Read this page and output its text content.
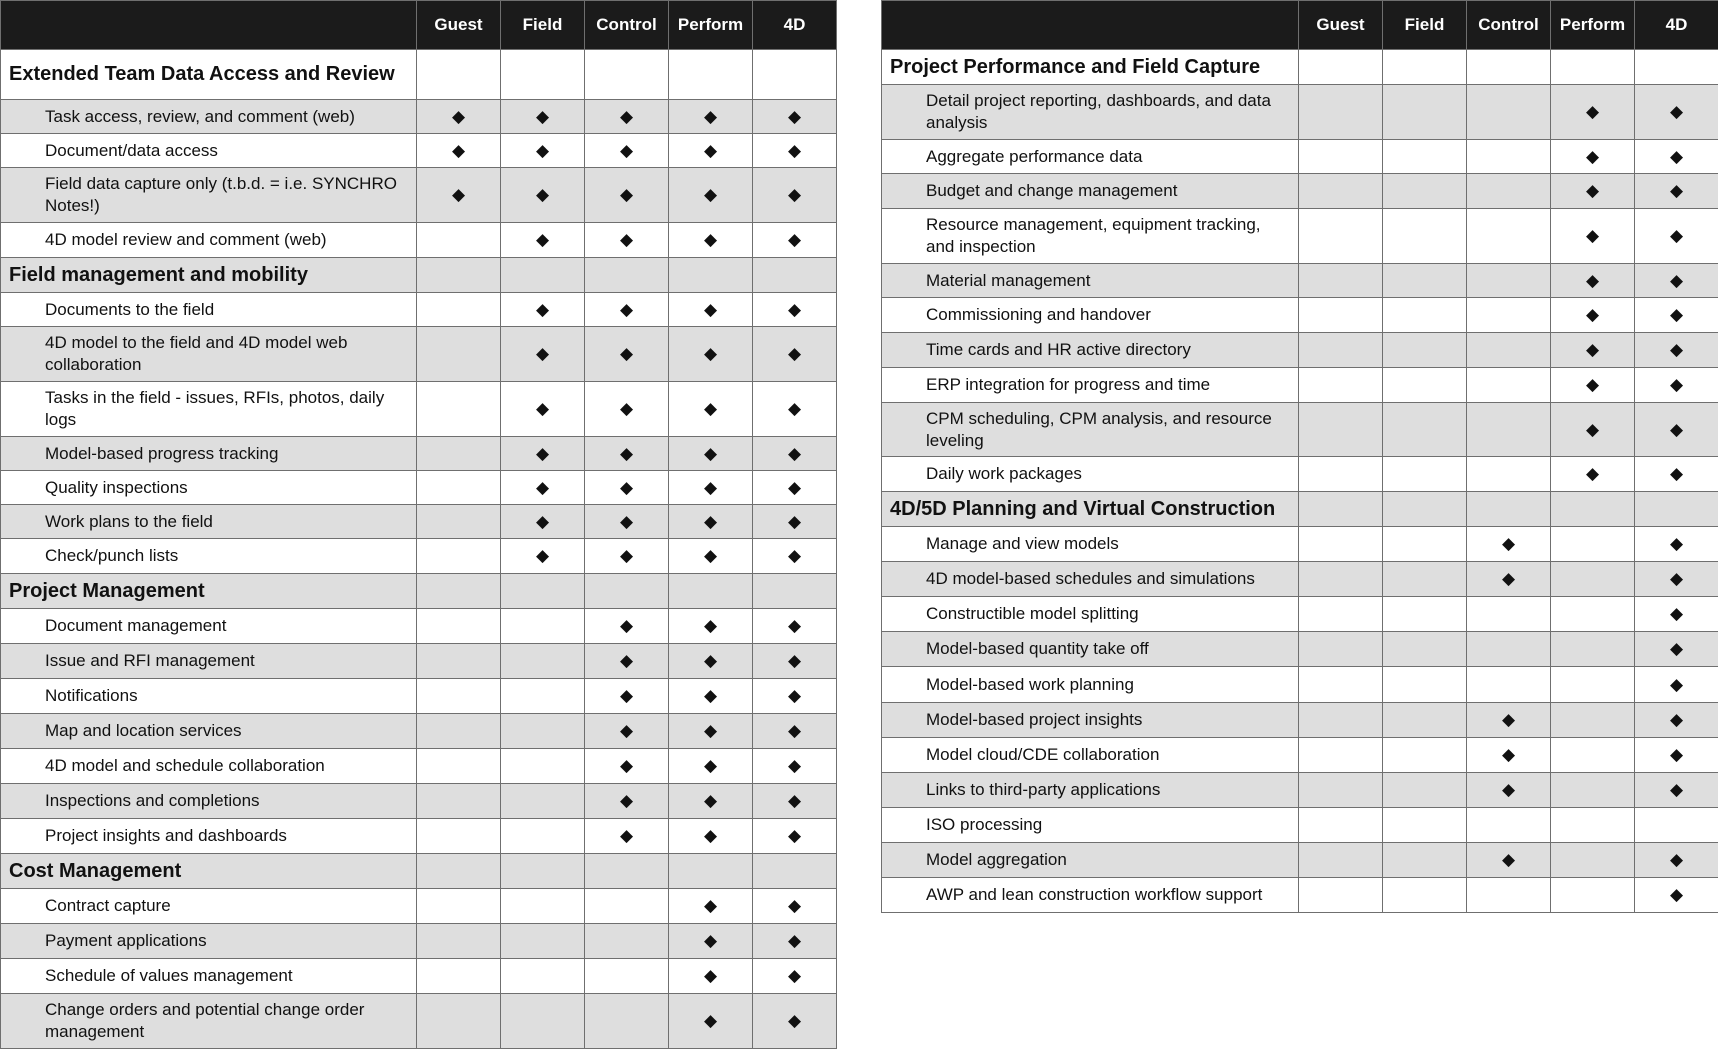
	Guest	Field	Control	Perform	4D
Extended Team Data Access and Review					
Task access, review, and comment (web)	◆	◆	◆	◆	◆
Document/data access	◆	◆	◆	◆	◆
Field data capture only (t.b.d. = i.e. SYNCHRO Notes!)	◆	◆	◆	◆	◆
4D model review and comment (web)		◆	◆	◆	◆
Field management and mobility					
Documents to the field		◆	◆	◆	◆
4D model to the field and 4D model web collaboration		◆	◆	◆	◆
Tasks in the field - issues, RFIs, photos, daily logs		◆	◆	◆	◆
Model-based progress tracking		◆	◆	◆	◆
Quality inspections		◆	◆	◆	◆
Work plans to the field		◆	◆	◆	◆
Check/punch lists		◆	◆	◆	◆
Project Management					
Document management			◆	◆	◆
Issue and RFI management			◆	◆	◆
Notifications			◆	◆	◆
Map and location services			◆	◆	◆
4D model and schedule collaboration			◆	◆	◆
Inspections and completions			◆	◆	◆
Project insights and dashboards			◆	◆	◆
Cost Management					
Contract capture				◆	◆
Payment applications				◆	◆
Schedule of values management				◆	◆
Change orders and potential change order management				◆	◆
	Guest	Field	Control	Perform	4D
Project Performance and Field Capture					
Detail project reporting, dashboards, and data analysis				◆	◆
Aggregate performance data				◆	◆
Budget and change management				◆	◆
Resource management, equipment tracking, and inspection				◆	◆
Material management				◆	◆
Commissioning and handover				◆	◆
Time cards and HR active directory				◆	◆
ERP integration for progress and time				◆	◆
CPM scheduling, CPM analysis, and resource leveling				◆	◆
Daily work packages				◆	◆
4D/5D Planning and Virtual Construction					
Manage and view models			◆		◆
4D model-based schedules and simulations			◆		◆
Constructible model splitting					◆
Model-based quantity take off					◆
Model-based work planning					◆
Model-based project insights			◆		◆
Model cloud/CDE collaboration			◆		◆
Links to third-party applications			◆		◆
ISO processing					
Model aggregation			◆		◆
AWP and lean construction workflow support					◆
